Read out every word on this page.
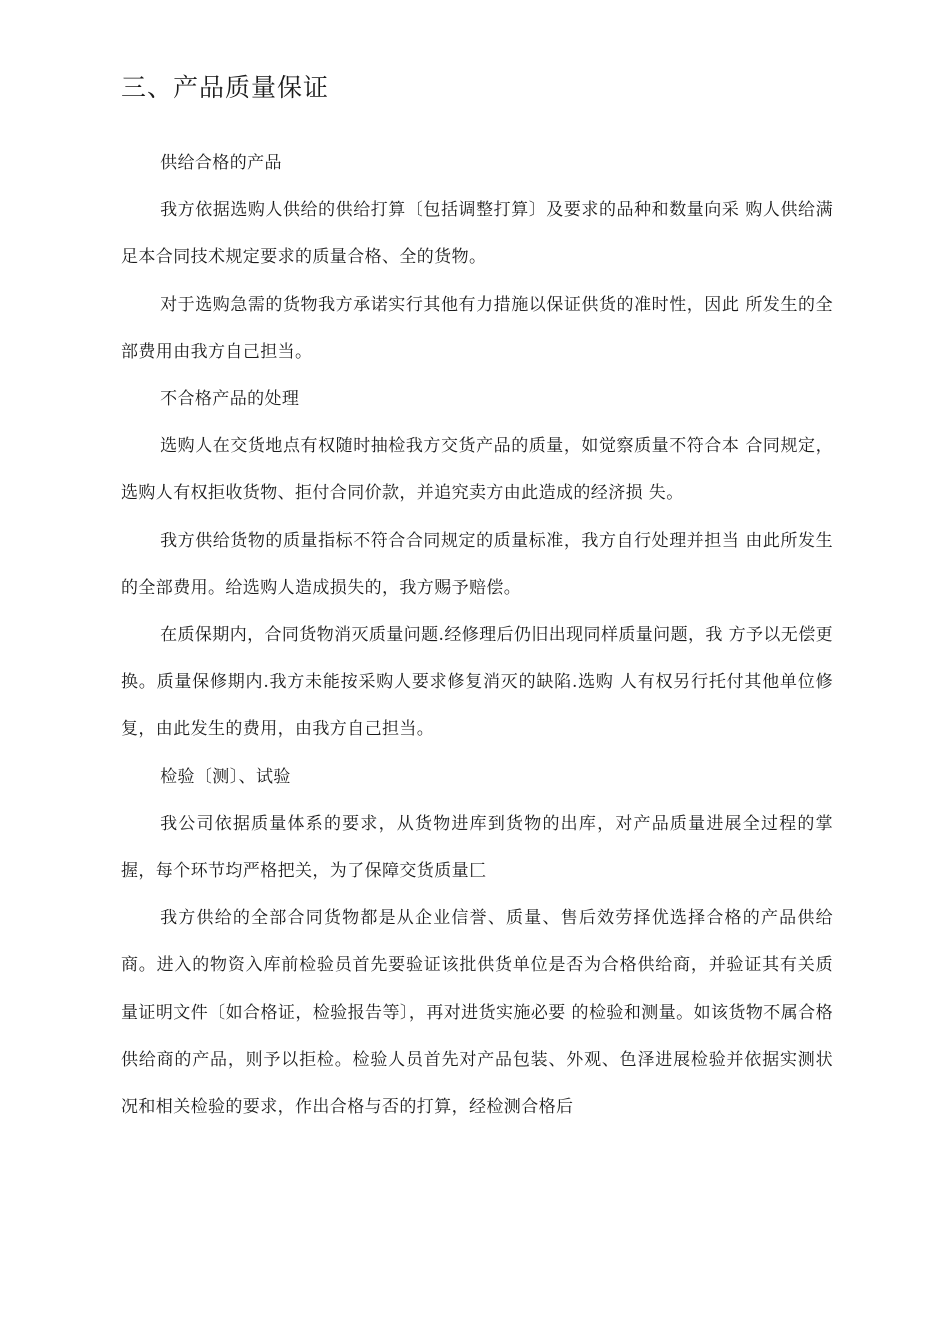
三、产品质量保证

供给合格的产品

我方依据选购人供给的供给打算〔包括调整打算〕及要求的品种和数量向采 购人供给满足本合同技术规定要求的质量合格、全的货物。

对于选购急需的货物我方承诺实行其他有力措施以保证供货的准时性，因此 所发生的全部费用由我方自己担当。

不合格产品的处理

选购人在交货地点有权随时抽检我方交货产品的质量，如觉察质量不符合本 合同规定，选购人有权拒收货物、拒付合同价款，并追究卖方由此造成的经济损 失。

我方供给货物的质量指标不符合合同规定的质量标准，我方自行处理并担当 由此所发生的全部费用。给选购人造成损失的，我方赐予赔偿。

在质保期内，合同货物消灭质量问题.经修理后仍旧出现同样质量问题，我 方予以无偿更换。质量保修期内.我方未能按采购人要求修复消灭的缺陷.选购 人有权另行托付其他单位修复，由此发生的费用，由我方自己担当。

检验〔测〕、试验

我公司依据质量体系的要求，从货物进库到货物的出库，对产品质量进展全过程的掌握，每个环节均严格把关，为了保障交货质量匚

我方供给的全部合同货物都是从企业信誉、质量、售后效劳择优选择合格的产品供给商。进入的物资入库前检验员首先要验证该批供货单位是否为合格供给商，并验证其有关质量证明文件〔如合格证，检验报告等〕，再对进货实施必要 的检验和测量。如该货物不属合格供给商的产品，则予以拒检。检验人员首先对产品包装、外观、色泽进展检验并依据实测状况和相关检验的要求，作出合格与否的打算，经检测合格后
